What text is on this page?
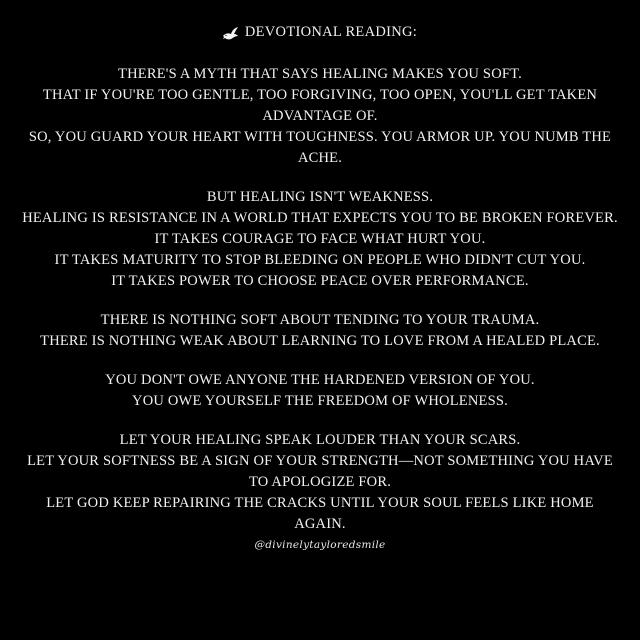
DEVOTIONAL READING:
THERE'S A MYTH THAT SAYS HEALING MAKES YOU SOFT.
THAT IF YOU'RE TOO GENTLE, TOO FORGIVING, TOO OPEN, YOU'LL GET TAKEN
ADVANTAGE OF.
SO, YOU GUARD YOUR HEART WITH TOUGHNESS. YOU ARMOR UP. YOU NUMB THE
ACHE.
BUT HEALING ISN'T WEAKNESS.
HEALING IS RESISTANCE IN A WORLD THAT EXPECTS YOU TO BE BROKEN FOREVER.
IT TAKES COURAGE TO FACE WHAT HURT YOU.
IT TAKES MATURITY TO STOP BLEEDING ON PEOPLE WHO DIDN'T CUT YOU.
IT TAKES POWER TO CHOOSE PEACE OVER PERFORMANCE.
THERE IS NOTHING SOFT ABOUT TENDING TO YOUR TRAUMA.
THERE IS NOTHING WEAK ABOUT LEARNING TO LOVE FROM A HEALED PLACE.
YOU DON'T OWE ANYONE THE HARDENED VERSION OF YOU.
YOU OWE YOURSELF THE FREEDOM OF WHOLENESS.
LET YOUR HEALING SPEAK LOUDER THAN YOUR SCARS.
LET YOUR SOFTNESS BE A SIGN OF YOUR STRENGTH—NOT SOMETHING YOU HAVE
TO APOLOGIZE FOR.
LET GOD KEEP REPAIRING THE CRACKS UNTIL YOUR SOUL FEELS LIKE HOME
AGAIN.
@divinelytayloredsmile
